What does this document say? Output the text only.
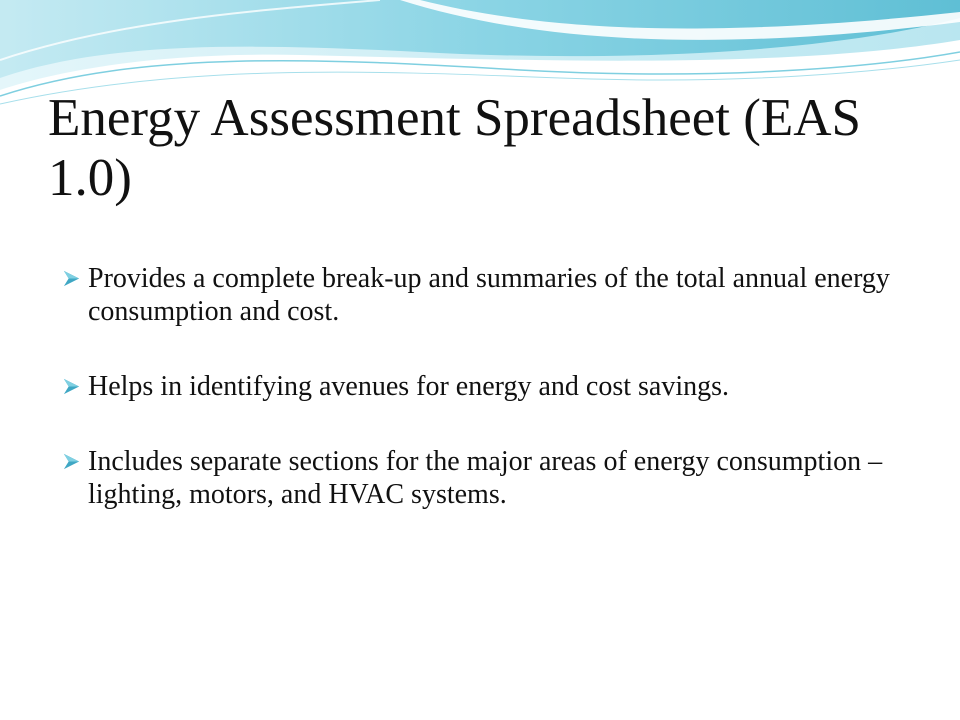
Energy Assessment Spreadsheet (EAS 1.0)
Provides a complete break-up and summaries of the total annual energy consumption and cost.
Helps in identifying avenues for energy and cost savings.
Includes separate sections for the major areas of energy consumption – lighting, motors, and HVAC systems.
